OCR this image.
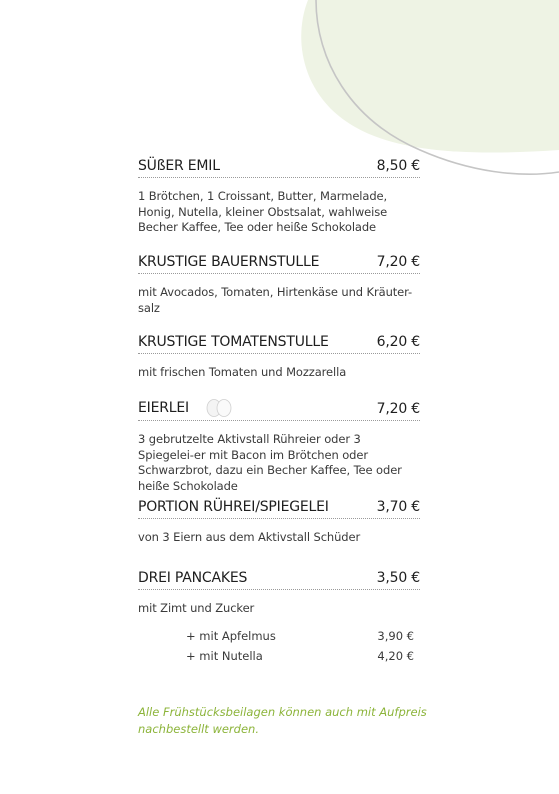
SÜßER EMIL	8,50 €
1 Brötchen, 1 Croissant, Butter, Marmelade, Honig, Nutella, kleiner Obstsalat, wahlweise Becher Kaffee, Tee oder heiße Schokolade
KRUSTIGE BAUERNSTULLE	7,20 €
mit Avocados, Tomaten, Hirtenkäse und Kräuter-salz
KRUSTIGE TOMATENSTULLE	6,20 €
mit frischen Tomaten und Mozzarella
EIERLEI	7,20 €
3 gebrutzelte Aktivstall Rühreier oder 3 Spiegelei-er mit Bacon im Brötchen oder Schwarzbrot, dazu ein Becher Kaffee, Tee oder heiße Schokolade
PORTION RÜHREI/SPIEGELEI	3,70 €
von 3 Eiern aus dem Aktivstall Schüder
DREI PANCAKES	3,50 €
mit Zimt und Zucker
+ mit Apfelmus	3,90 €
+ mit Nutella	4,20 €
Alle Frühstücksbeilagen können auch mit Aufpreis nachbestellt werden.
